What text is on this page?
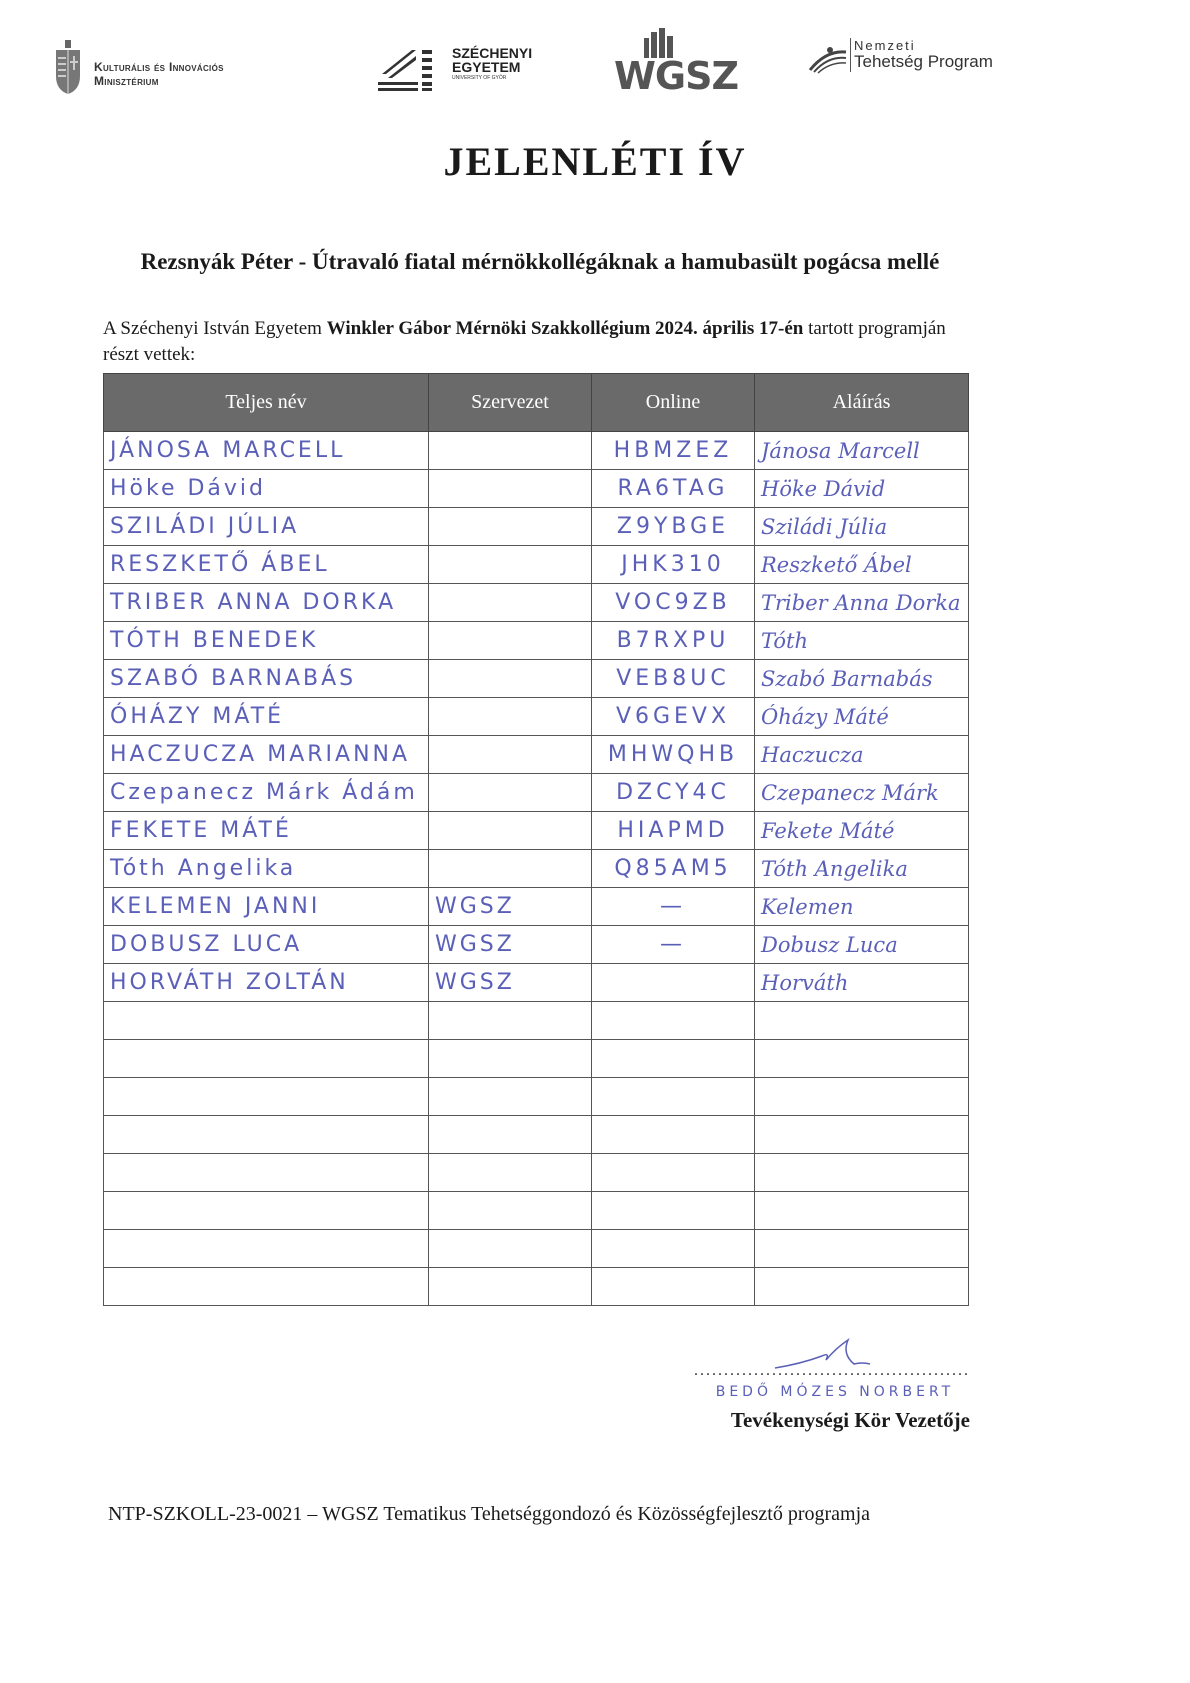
Kulturális és Innovációs
Minisztérium
SZÉCHENYI
EGYETEM
UNIVERSITY OF GYŐR	WGSZ
Nemzeti
Tehetség Program
JELENLÉTI ÍV
Rezsnyák Péter - Útravaló fiatal mérnökkollégáknak a hamubasült pogácsa mellé
A Széchenyi István Egyetem Winkler Gábor Mérnöki Szakkollégium 2024. április 17-én tartott programján részt vettek:
Teljes név	Szervezet	Online	Aláírás
JÁNOSA MARCELL		HBMZEZ	Jánosa Marcell
Höke Dávid		RA6TAG	Höke Dávid
SZILÁDI JÚLIA		Z9YBGE	Sziládi Júlia
RESZKETŐ ÁBEL		JHK310	Reszkető Ábel
TRIBER ANNA DORKA		VOC9ZB	Triber Anna Dorka
TÓTH BENEDEK		B7RXPU	Tóth
SZABÓ BARNABÁS		VEB8UC	Szabó Barnabás
ÓHÁZY MÁTÉ		V6GEVX	Óházy Máté
HACZUCZA MARIANNA		MHWQHB	Haczucza
Czepanecz Márk Ádám		DZCY4C	Czepanecz Márk
FEKETE MÁTÉ		HIAPMD	Fekete Máté
Tóth Angelika		Q85AM5	Tóth Angelika
KELEMEN JANNI	WGSZ	—	Kelemen
DOBUSZ LUCA	WGSZ	—	Dobusz Luca
HORVÁTH ZOLTÁN	WGSZ		Horváth

..............................................
BEDŐ MÓZES NORBERT
Tevékenységi Kör Vezetője
NTP-SZKOLL-23-0021 – WGSZ Tematikus Tehetséggondozó és Közösségfejlesztő programja
